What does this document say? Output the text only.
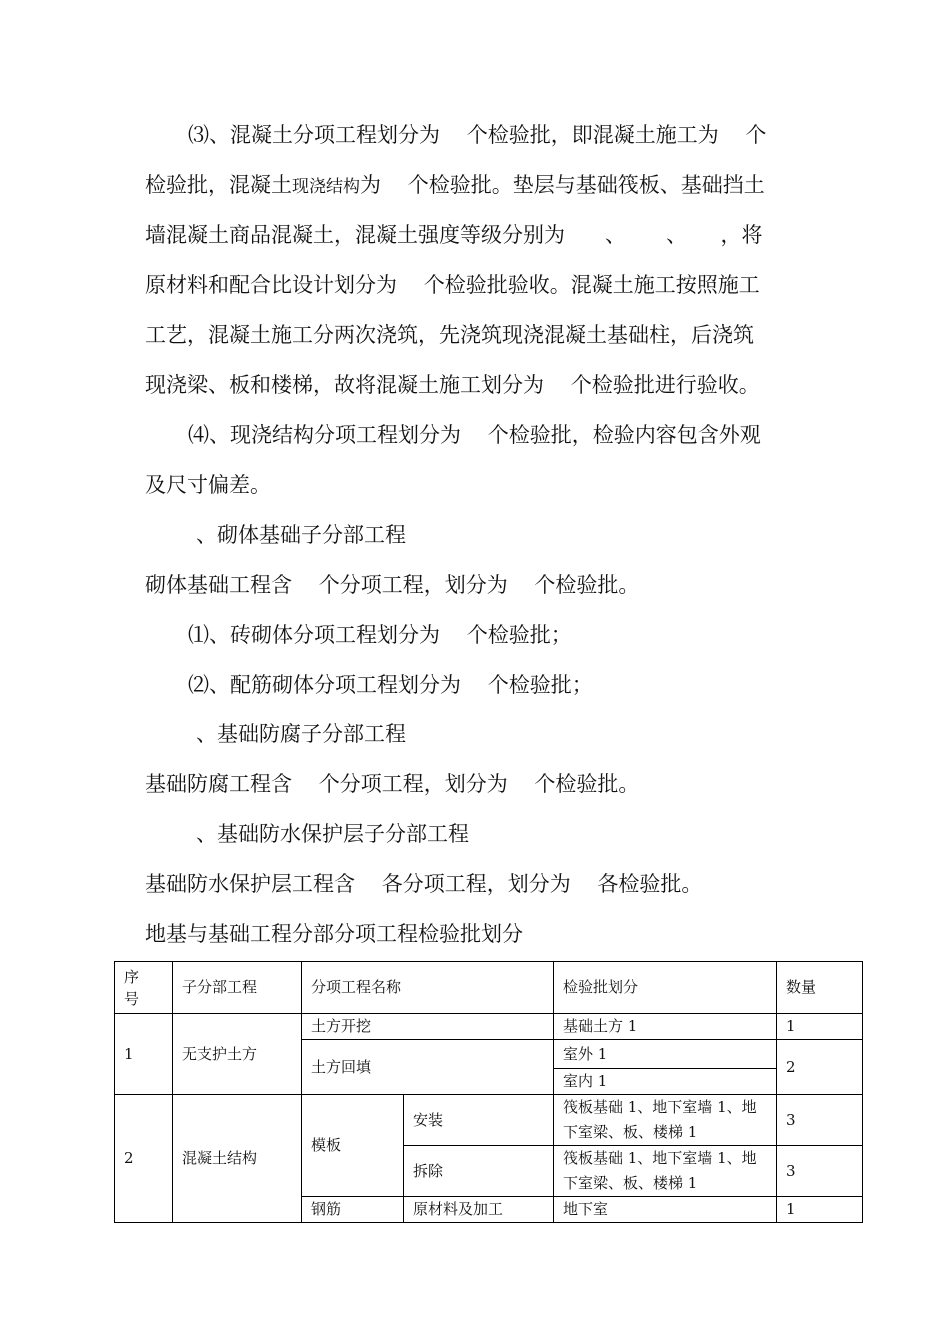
⑶、混凝土分项工程划分为    个检验批，即混凝土施工为    个
检验批，混凝土现浇结构为    个检验批。垫层与基础筏板、基础挡土
墙混凝土商品混凝土，混凝土强度等级分别为      、      、     ，将
原材料和配合比设计划分为    个检验批验收。混凝土施工按照施工
工艺，混凝土施工分两次浇筑，先浇筑现浇混凝土基础柱，后浇筑
现浇梁、板和楼梯，故将混凝土施工划分为    个检验批进行验收。
⑷、现浇结构分项工程划分为    个检验批，检验内容包含外观
及尺寸偏差。
、砌体基础子分部工程
砌体基础工程含    个分项工程，划分为    个检验批。
⑴、砖砌体分项工程划分为    个检验批；
⑵、配筋砌体分项工程划分为    个检验批；
、基础防腐子分部工程
基础防腐工程含    个分项工程，划分为    个检验批。
、基础防水保护层子分部工程
基础防水保护层工程含    各分项工程，划分为    各检验批。
地基与基础工程分部分项工程检验批划分
序
号	子分部工程	分项工程名称		检验批划分	数量
1	无支护土方	土方开挖		基础土方 1	1
		土方回填		室外 1	2
				室内 1	
2	混凝土结构	模板	安装	筏板基础 1、地下室墙 1、地下室梁、板、楼梯 1	3
			拆除	筏板基础 1、地下室墙 1、地下室梁、板、楼梯 1	3
		钢筋	原材料及加工	地下室	1
